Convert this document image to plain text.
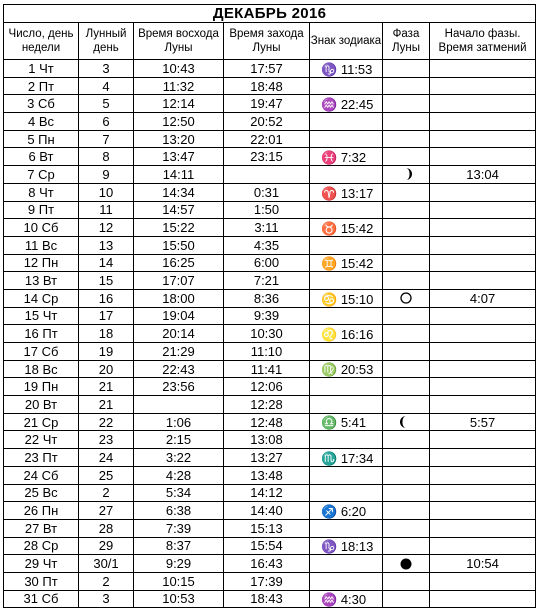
ДЕКАБРЬ 2016						
Число, день недели	Лунный день	Время восхода Луны	Время захода Луны	Знак зодиака	Фаза Луны	Начало фазы. Время затмений
1 Чт	3	10:43	17:57	♑ 11:53		
2 Пт	4	11:32	18:48			
3 Сб	5	12:14	19:47	♒ 22:45		
4 Вс	6	12:50	20:52			
5 Пн	7	13:20	22:01			
6 Вт	8	13:47	23:15	♓ 7:32		
7 Ср	9	14:11				13:04
8 Чт	10	14:34	0:31	♈ 13:17		
9 Пт	11	14:57	1:50			
10 Сб	12	15:22	3:11	♉ 15:42		
11 Вс	13	15:50	4:35			
12 Пн	14	16:25	6:00	♊ 15:42		
13 Вт	15	17:07	7:21			
14 Ср	16	18:00	8:36	♋ 15:10		4:07
15 Чт	17	19:04	9:39			
16 Пт	18	20:14	10:30	♌ 16:16		
17 Сб	19	21:29	11:10			
18 Вс	20	22:43	11:41	♍ 20:53		
19 Пн	21	23:56	12:06			
20 Вт	21		12:28			
21 Ср	22	1:06	12:48	♎ 5:41		5:57
22 Чт	23	2:15	13:08			
23 Пт	24	3:22	13:27	♏ 17:34		
24 Сб	25	4:28	13:48			
25 Вс	2	5:34	14:12			
26 Пн	27	6:38	14:40	♐ 6:20		
27 Вт	28	7:39	15:13			
28 Ср	29	8:37	15:54	♑ 18:13		
29 Чт	30/1	9:29	16:43			10:54
30 Пт	2	10:15	17:39			
31 Сб	3	10:53	18:43	♒ 4:30		
